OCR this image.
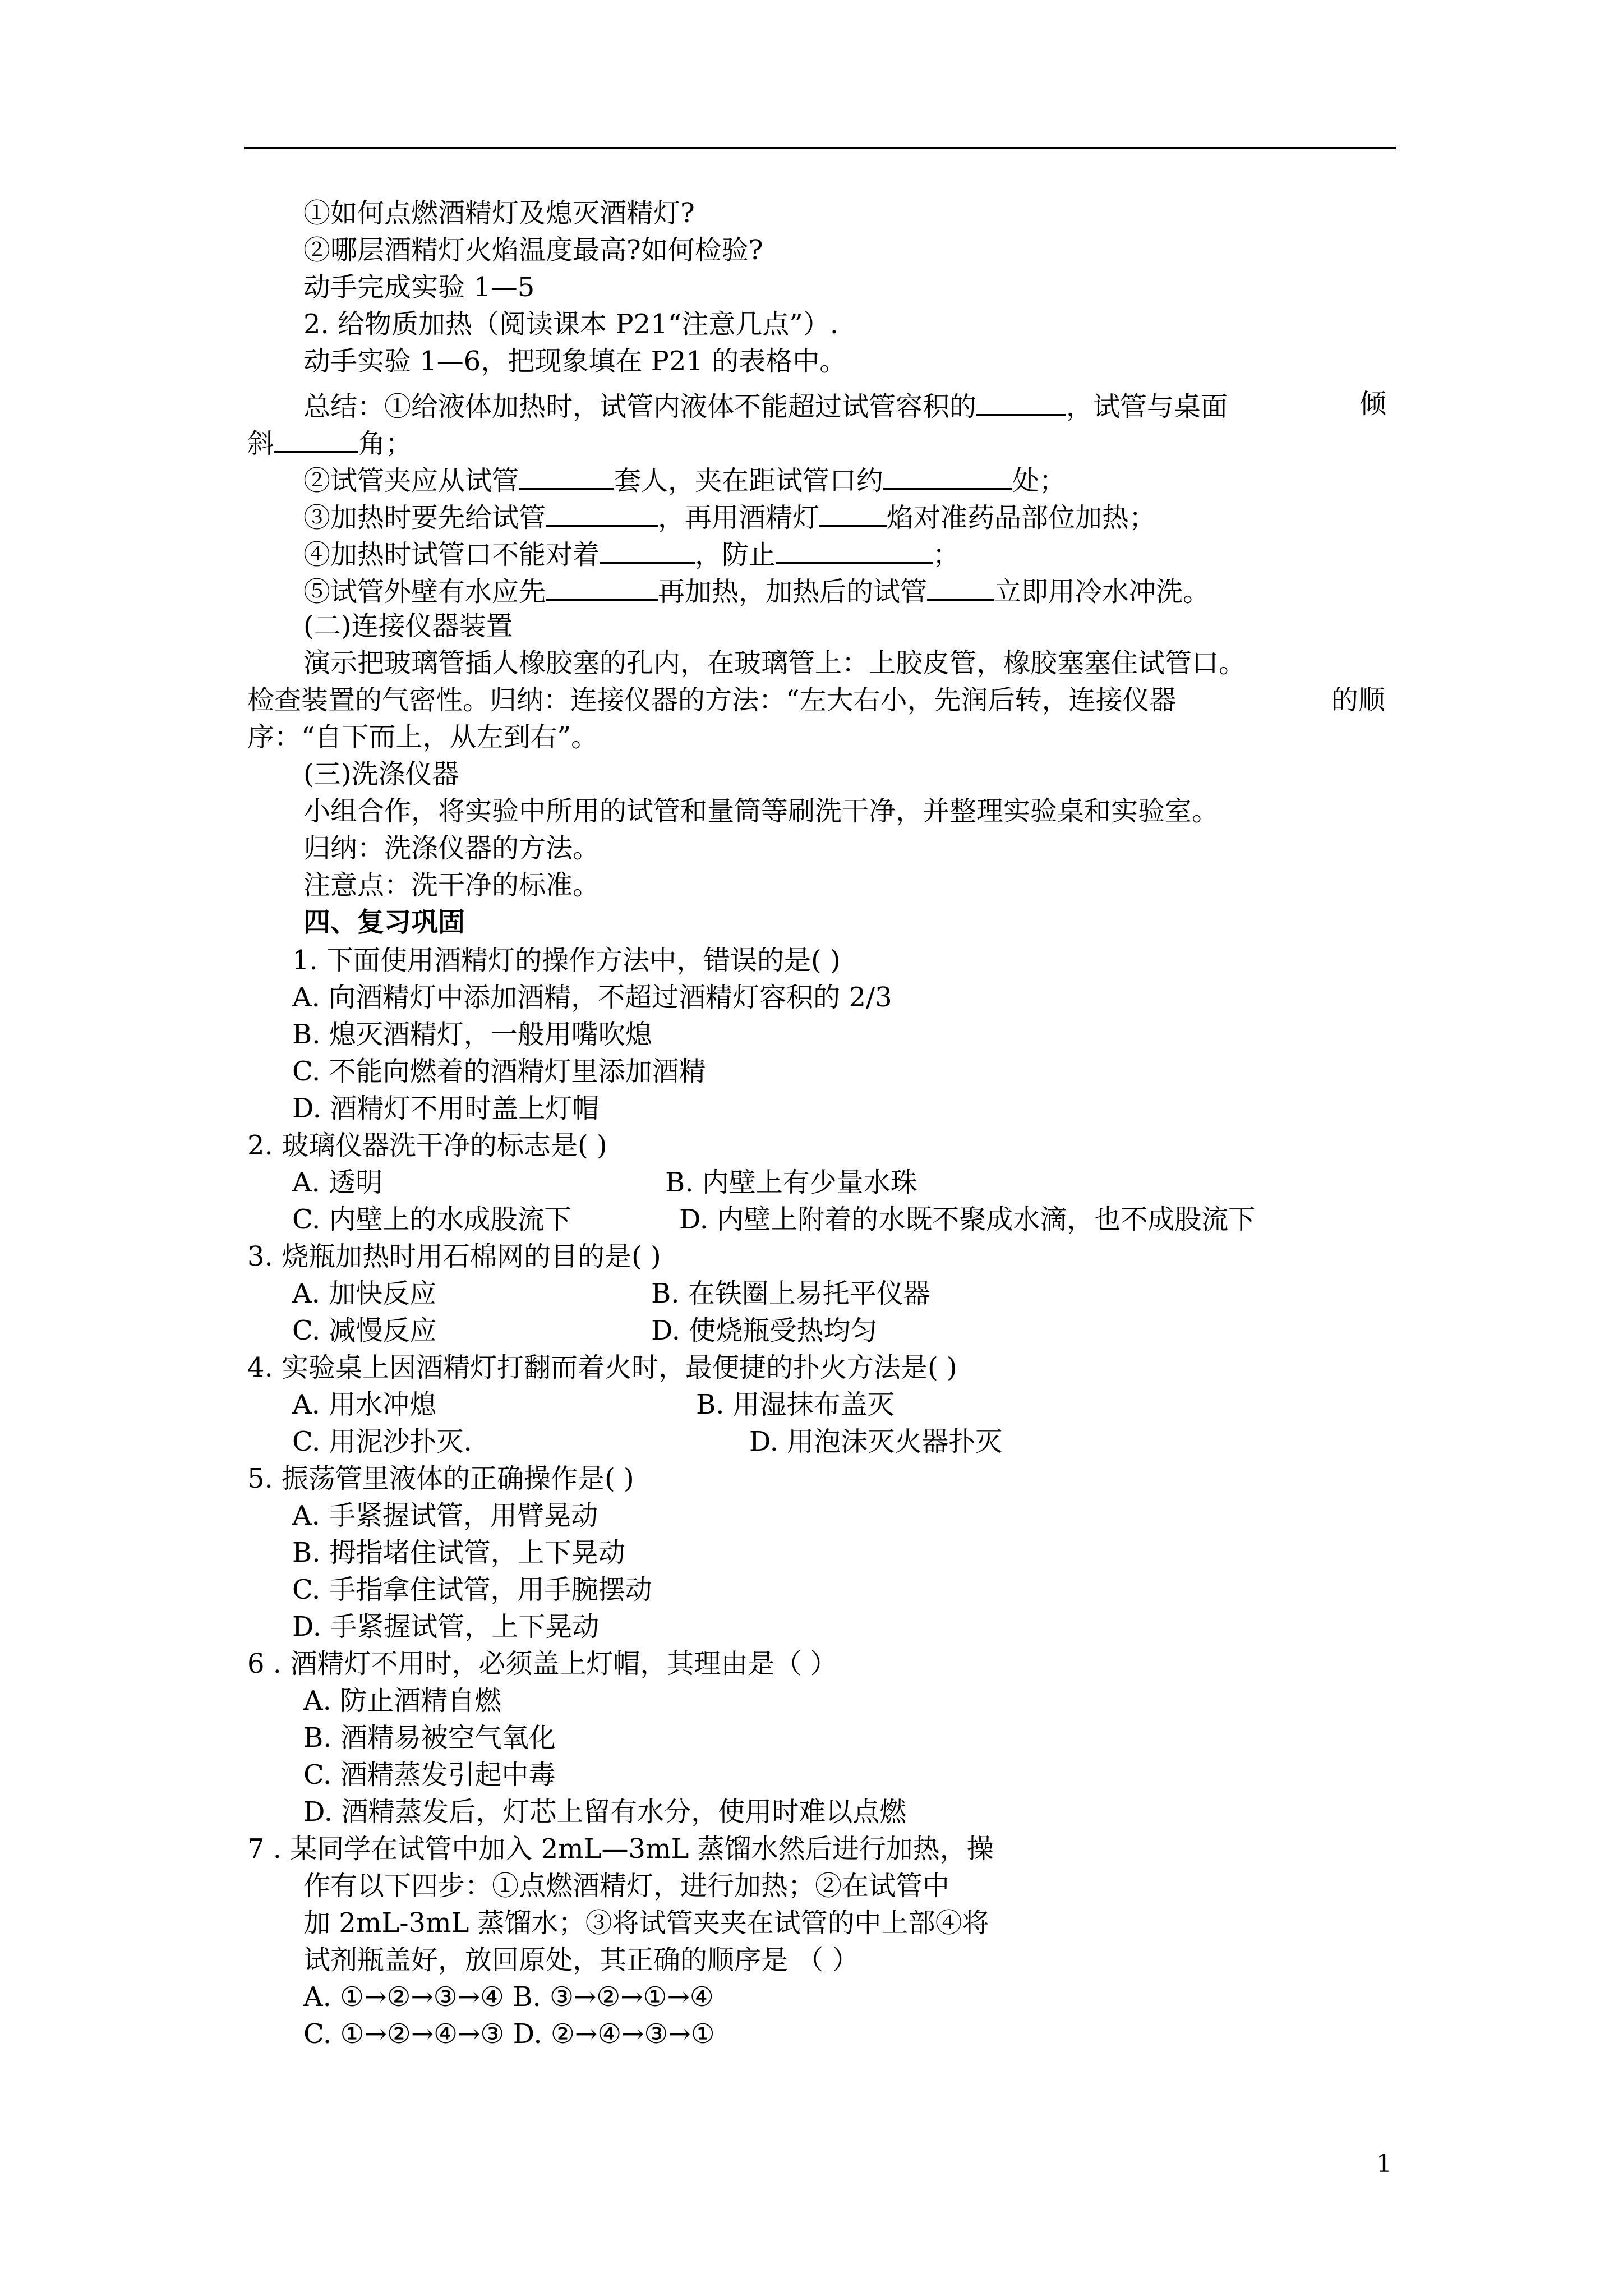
①如何点燃酒精灯及熄灭酒精灯?
②哪层酒精灯火焰温度最高?如何检验?
动手完成实验 1—5
2. 给物质加热（阅读课本 P21“注意几点”）.
动手实验 1—6，把现象填在 P21 的表格中。
总结：①给液体加热时，试管内液体不能超过试管容积的	，试管与桌面	倾
斜	角；
②试管夹应从试管	套人，夹在距试管口约	处；
③加热时要先给试管	，再用酒精灯	焰对准药品部位加热；
④加热时试管口不能对着	，防止	；
⑤试管外壁有水应先	再加热，加热后的试管	立即用冷水冲洗。
(二)连接仪器装置
演示把玻璃管插人橡胶塞的孔内，在玻璃管上：上胶皮管，橡胶塞塞住试管口。
检查装置的气密性。归纳：连接仪器的方法：“左大右小，先润后转，连接仪器	的顺
序：“自下而上，从左到右”。
(三)洗涤仪器
小组合作，将实验中所用的试管和量筒等刷洗干净，并整理实验桌和实验室。
归纳：洗涤仪器的方法。
注意点：洗干净的标准。
四、复习巩固
1. 下面使用酒精灯的操作方法中，错误的是( )
A. 向酒精灯中添加酒精，不超过酒精灯容积的 2/3
B. 熄灭酒精灯，一般用嘴吹熄
C. 不能向燃着的酒精灯里添加酒精
D. 酒精灯不用时盖上灯帽
2. 玻璃仪器洗干净的标志是( )
A. 透明	B. 内壁上有少量水珠
C. 内壁上的水成股流下	D. 内壁上附着的水既不聚成水滴，也不成股流下
3. 烧瓶加热时用石棉网的目的是( )
A. 加快反应	B. 在铁圈上易托平仪器
C. 减慢反应	D. 使烧瓶受热均匀
4. 实验桌上因酒精灯打翻而着火时，最便捷的扑火方法是( )
A. 用水冲熄	B. 用湿抹布盖灭
C. 用泥沙扑灭.	D. 用泡沫灭火器扑灭
5. 振荡管里液体的正确操作是( )
A. 手紧握试管，用臂晃动
B. 拇指堵住试管，上下晃动
C. 手指拿住试管，用手腕摆动
D. 手紧握试管，上下晃动
6 . 酒精灯不用时，必须盖上灯帽，其理由是（ ）
A. 防止酒精自燃
B. 酒精易被空气氧化
C. 酒精蒸发引起中毒
D. 酒精蒸发后，灯芯上留有水分，使用时难以点燃
7 . 某同学在试管中加入 2mL—3mL 蒸馏水然后进行加热，操
作有以下四步：①点燃酒精灯，进行加热；②在试管中
加 2mL-3mL 蒸馏水；③将试管夹夹在试管的中上部④将
试剂瓶盖好，放回原处，其正确的顺序是 （ ）
A. ①→②→③→④ B. ③→②→①→④
C. ①→②→④→③ D. ②→④→③→①
1
